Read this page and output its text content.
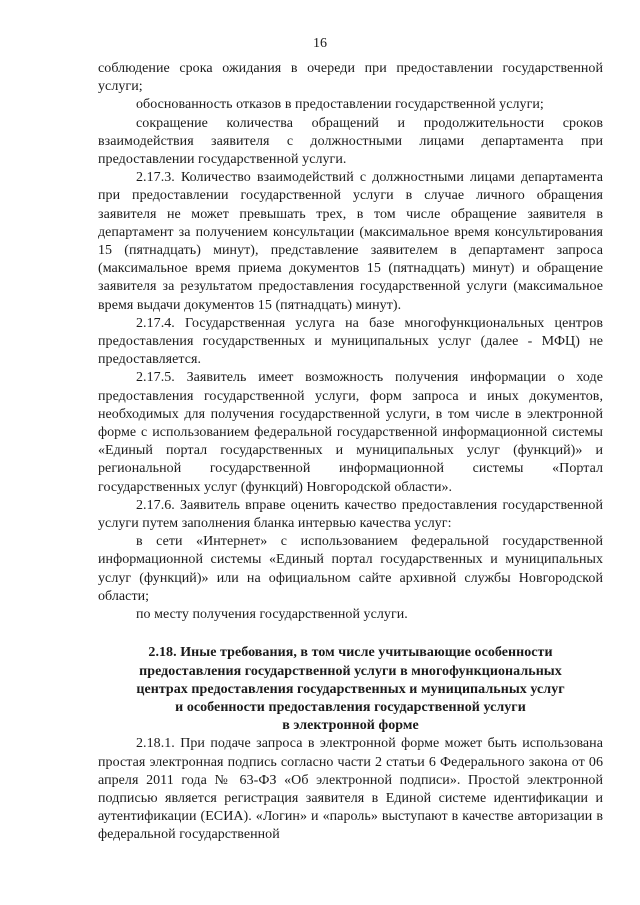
16

соблюдение срока ожидания в очереди при предоставлении государственной услуги;

обоснованность отказов в предоставлении государственной услуги;

сокращение количества обращений и продолжительности сроков взаимодействия заявителя с должностными лицами департамента при предоставлении государственной услуги.

2.17.3. Количество взаимодействий с должностными лицами департамента при предоставлении государственной услуги в случае личного обращения заявителя не может превышать трех, в том числе обращение заявителя в департамент за получением консультации (максимальное время консультирования 15 (пятнадцать) минут), представление заявителем в департамент запроса (максимальное время приема документов 15 (пятнадцать) минут) и обращение заявителя за результатом предоставления государственной услуги (максимальное время выдачи документов 15 (пятнадцать) минут).

2.17.4. Государственная услуга на базе многофункциональных центров предоставления государственных и муниципальных услуг (далее - МФЦ) не предоставляется.

2.17.5. Заявитель имеет возможность получения информации о ходе предоставления государственной услуги, форм запроса и иных документов, необходимых для получения государственной услуги, в том числе в электронной форме с использованием федеральной государственной информационной системы «Единый портал государственных и муниципальных услуг (функций)» и региональной государственной информационной системы «Портал государственных услуг (функций) Новгородской области».

2.17.6. Заявитель вправе оценить качество предоставления государственной услуги путем заполнения бланка интервью качества услуг:

в сети «Интернет» с использованием федеральной государственной информационной системы «Единый портал государственных и муниципальных услуг (функций)» или на официальном сайте архивной службы Новгородской области;

по месту получения государственной услуги.

2.18. Иные требования, в том числе учитывающие особенности
предоставления государственной услуги в многофункциональных
центрах предоставления государственных и муниципальных услуг
и особенности предоставления государственной услуги
в электронной форме

2.18.1. При подаче запроса в электронной форме может быть использована простая электронная подпись согласно части 2 статьи 6 Федерального закона от 06 апреля 2011 года № 63-ФЗ «Об электронной подписи». Простой электронной подписью является регистрация заявителя в Единой системе идентификации и аутентификации (ЕСИА). «Логин» и «пароль» выступают в качестве авторизации в федеральной государственной
